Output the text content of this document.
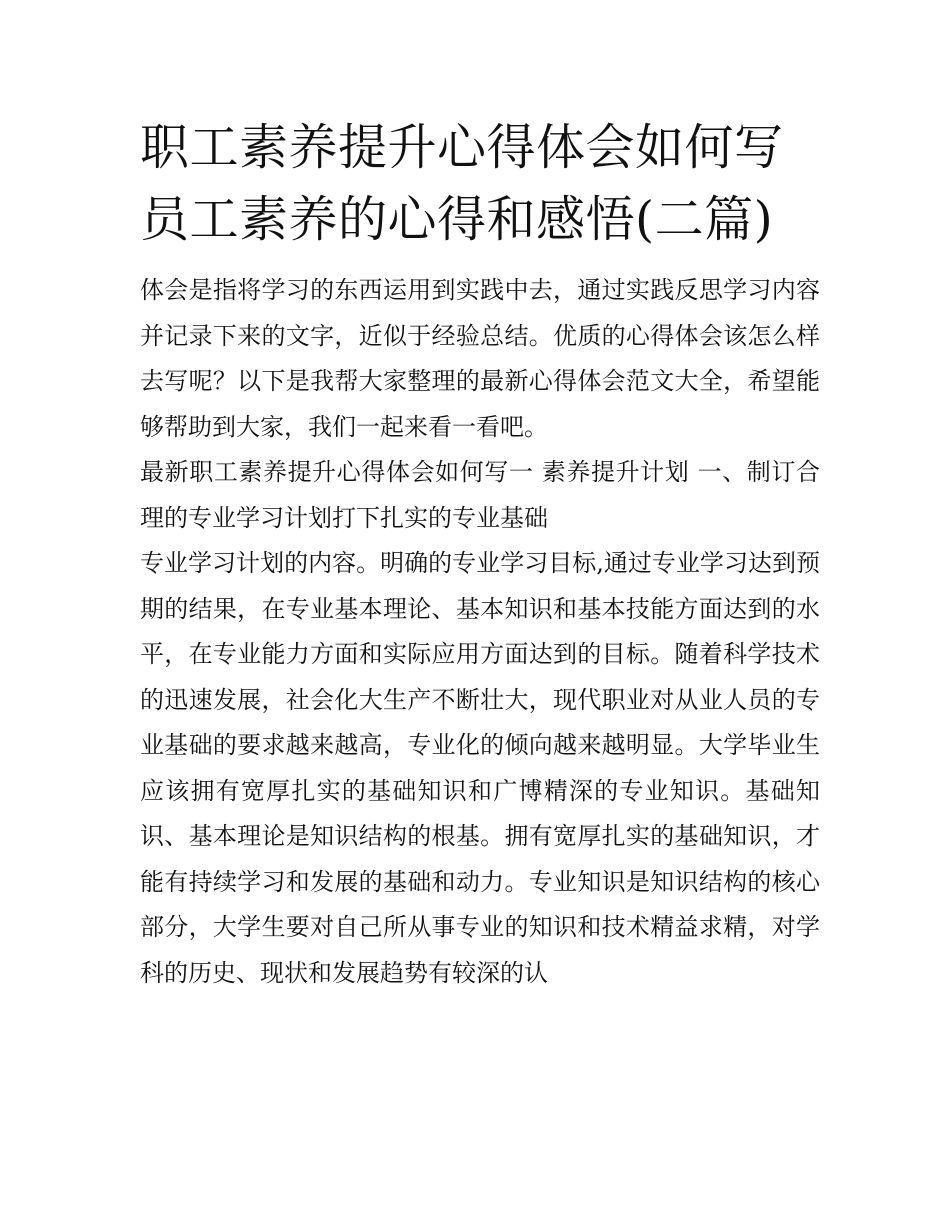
职工素养提升心得体会如何写
员工素养的心得和感悟(二篇)

体会是指将学习的东西运用到实践中去，通过实践反思学习内容并记录下来的文字，近似于经验总结。优质的心得体会该怎么样去写呢？以下是我帮大家整理的最新心得体会范文大全，希望能够帮助到大家，我们一起来看一看吧。

最新职工素养提升心得体会如何写一 素养提升计划 一、制订合理的专业学习计划打下扎实的专业基础

专业学习计划的内容。明确的专业学习目标,通过专业学习达到预期的结果，在专业基本理论、基本知识和基本技能方面达到的水平，在专业能力方面和实际应用方面达到的目标。随着科学技术的迅速发展，社会化大生产不断壮大，现代职业对从业人员的专业基础的要求越来越高，专业化的倾向越来越明显。大学毕业生应该拥有宽厚扎实的基础知识和广博精深的专业知识。基础知识、基本理论是知识结构的根基。拥有宽厚扎实的基础知识，才能有持续学习和发展的基础和动力。专业知识是知识结构的核心部分，大学生要对自己所从事专业的知识和技术精益求精，对学科的历史、现状和发展趋势有较深的认
